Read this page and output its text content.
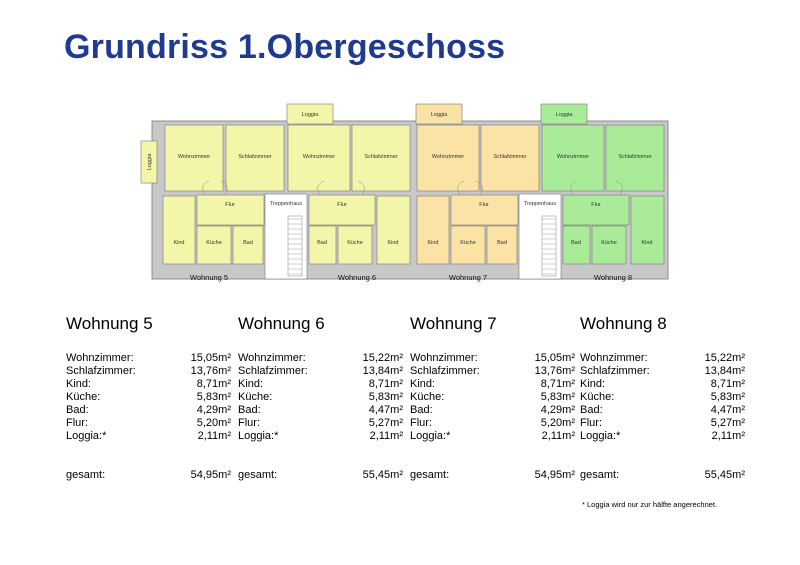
Grundriss 1.Obergeschoss
Loggia
Loggia	Loggia	Loggia
Wohnzimmer	Schlafzimmer	Wohnzimmer	Schlafzimmer	Wohnzimmer	Schlafzimmer	Wohnzimmer	Schlafzimmer
Flur	Flur	Flur	Flur
Treppenhaus	Treppenhaus
Kind	Küche	Bad	Bad	Küche	Kind	Kind	Küche	Bad	Bad	Küche	Kind
Wohnung 5	Wohnung 6	Wohnung 7	Wohnung 8
Wohnung 5
Wohnzimmer:	15,05m²
Schlafzimmer:	13,76m²
Kind:	8,71m²
Küche:	5,83m²
Bad:	4,29m²
Flur:	5,20m²
Loggia:*	2,11m²
gesamt:	54,95m²
Wohnung 6
Wohnzimmer:	15,22m²
Schlafzimmer:	13,84m²
Kind:	8,71m²
Küche:	5,83m²
Bad:	4,47m²
Flur:	5,27m²
Loggia:*	2,11m²
gesamt:	55,45m²
Wohnung 7
Wohnzimmer:	15,05m²
Schlafzimmer:	13,76m²
Kind:	8,71m²
Küche:	5,83m²
Bad:	4,29m²
Flur:	5,20m²
Loggia:*	2,11m²
gesamt:	54,95m²
Wohnung 8
Wohnzimmer:	15,22m²
Schlafzimmer:	13,84m²
Kind:	8,71m²
Küche:	5,83m²
Bad:	4,47m²
Flur:	5,27m²
Loggia:*	2,11m²
gesamt:	55,45m²
* Loggia wird nur zur hälfte angerechnet.
